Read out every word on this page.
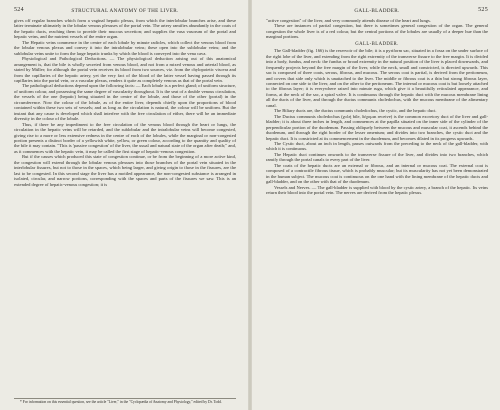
524	STRUCTURAL ANATOMY OF THE LIVER.

gives off regular branches which form a vaginal hepatic plexus, from which the interlobular branches arise, and these latter terminate ultimately in the lobular venous plexuses of the portal vein. The artery ramifies abundantly in the coats of the hepatic ducts, reaching them to provide their mucous secretion; and supplies the vasa vasorum of the portal and hepatic veins, and the nutrient vessels of the entire organ.

The Hepatic veins commence in the centre of each lobule by minute radicles, which collect the venous blood from the lobular venous plexus and convey it into the intralobular veins; these open into the sublobular veins; and the sublobular veins unite to form the large hepatic trunks by which the blood is conveyed into the vena cava.

Physiological and Pathological Deductions. — The physiological deduction arising out of this anatomical arrangement is, that the bile is wholly secreted from venous blood, and not from a mixed venous and arterial blood, as stated by Müller; for although the portal vein receives its blood from two sources, viz. from the chylopoietic viscera and from the capillaries of the hepatic artery, yet the very fact of the blood of the latter vessel having passed through its capillaries into the portal vein, or a vascular plexus, renders it quite as completely venous as that of the portal vein.

The pathological deductions depend upon the following facts: — Each lobule is a perfect gland; of uniform structure, of uniform colour, and possessing the same degree of vascularity throughout. It is the seat of a double venous circulation, the vessels of the one (hepatic) being situated in the centre of the lobule, and those of the other (portal) in the circumference. Now the colour of the lobule, as of the entire liver, depends chiefly upon the proportions of blood contained within these two sets of vessels; and as long as the circulation is natural, the colour will be uniform. But the instant that any cause is developed which shall interfere with the free circulation of either, there will be an immediate diversity in the colour of the lobule.

Thus, if there be any impediment to the free circulation of the venous blood through the heart or lungs, the circulation in the hepatic veins will be retarded, and the sublobular and the intralobular veins will become congested, giving rise to a more or less extensive redness in the centre of each of the lobules, while the marginal or non-congested portion presents a distinct border of a yellowish white, yellow, or green colour, according to the quantity and quality of the bile it may contain. "This is 'passive congestion' of the liver, the usual and natural state of the organ after death;" and, as it commences with the hepatic vein, it may be called the first stage of hepatic-venous congestion.

But if the causes which produced this state of congestion continue, or be from the beginning of a more active kind, the congestion will extend through the lobular venous plexuses into those branches of the portal vein situated in the interlobular fissures, but not to those in the spaces, which being larger, and giving origin to those in the fissures, are the last to be congested. In this second stage the liver has a mottled appearance, the non-congested substance is arranged in isolated, circular, and narrow portions, corresponding with the spaces and parts of the fissures we saw. This is an extended degree of hepatic-venous congestion; it is

* For information on this essential question, see the article "Liver," in the "Cyclopædia of Anatomy and Physiology," edited by Dr. Todd.

GALL-BLADDER.	525

"active congestion" of the liver, and very commonly attends disease of the heart and lungs.

These are instances of partial congestion, but there is sometimes general congestion of the organ. The general congestion the whole liver is of a red colour, but the central portions of the lobules are usually of a deeper hue than the marginal portions.

GALL-BLADDER.

The Gall-bladder (fig. 166) is the reservoir of the bile; it is a pyriform sac, situated in a fossa on the under surface of the right lobe of the liver, and extending from the right extremity of the transverse fissure to the free margin. It is divided into a body, fundus, and neck: the fundus or broad extremity in the natural position of the liver is placed downwards, and frequently projects beyond the free margin of the liver, while the neck, small and constricted, is directed upwards. This sac is composed of three coats, serous, fibrous, and mucous. The serous coat is partial, is derived from the peritoneum, and covers that side only which is unattached to the liver. The middle or fibrous coat is a thin but strong fibrous layer, connected on one side to the liver, and on the other to the peritoneum. The internal or mucous coat is but loosely attached to the fibrous layer; it is everywhere raised into minute ruga, which give it a beautifully reticulated appearance, and forms, at the neck of the sac, a spiral valve. It is continuous through the hepatic duct with the mucous membrane lining all the ducts of the liver, and through the ductus communis choledochus, with the mucous membrane of the alimentary canal.

The Biliary ducts are, the ductus communis choledochus, the cystic, and the hepatic duct.

The Ductus communis choledochus (χολή bile, δέχομαι receive) is the common excretory duct of the liver and gall-bladder; it is about three inches in length, and commences at the papilla situated on the inner side of the cylinder of the perpendicular portion of the duodenum. Passing obliquely between the mucous and muscular coat, it ascends behind the duodenum, and through the right border of the lesser omentum; and divides into two branches, the cystic duct and the hepatic duct. It is constricted at its commencement in the duodenum, and becomes dilated in its progress upwards.

The Cystic duct, about an inch in length, passes outwards from the preceding to the neck of the gall-bladder, with which it is continuous.

The Hepatic duct continues onwards to the transverse fissure of the liver, and divides into two branches, which ramify through the portal canals to every part of the liver.

The coats of the hepatic ducts are an external or fibrous, and an internal or mucous coat. The external coat is composed of a contractile fibrous tissue, which is probably muscular; but its muscularity has not yet been demonstrated in the human subject. The mucous coat is continuous on the one hand with the lining membrane of the hepatic ducts and gall-bladder, and on the other with that of the duodenum.

Vessels and Nerves. — The gall-bladder is supplied with blood by the cystic artery, a branch of the hepatic. Its veins return their blood into the portal vein. The nerves are derived from the hepatic plexus.
